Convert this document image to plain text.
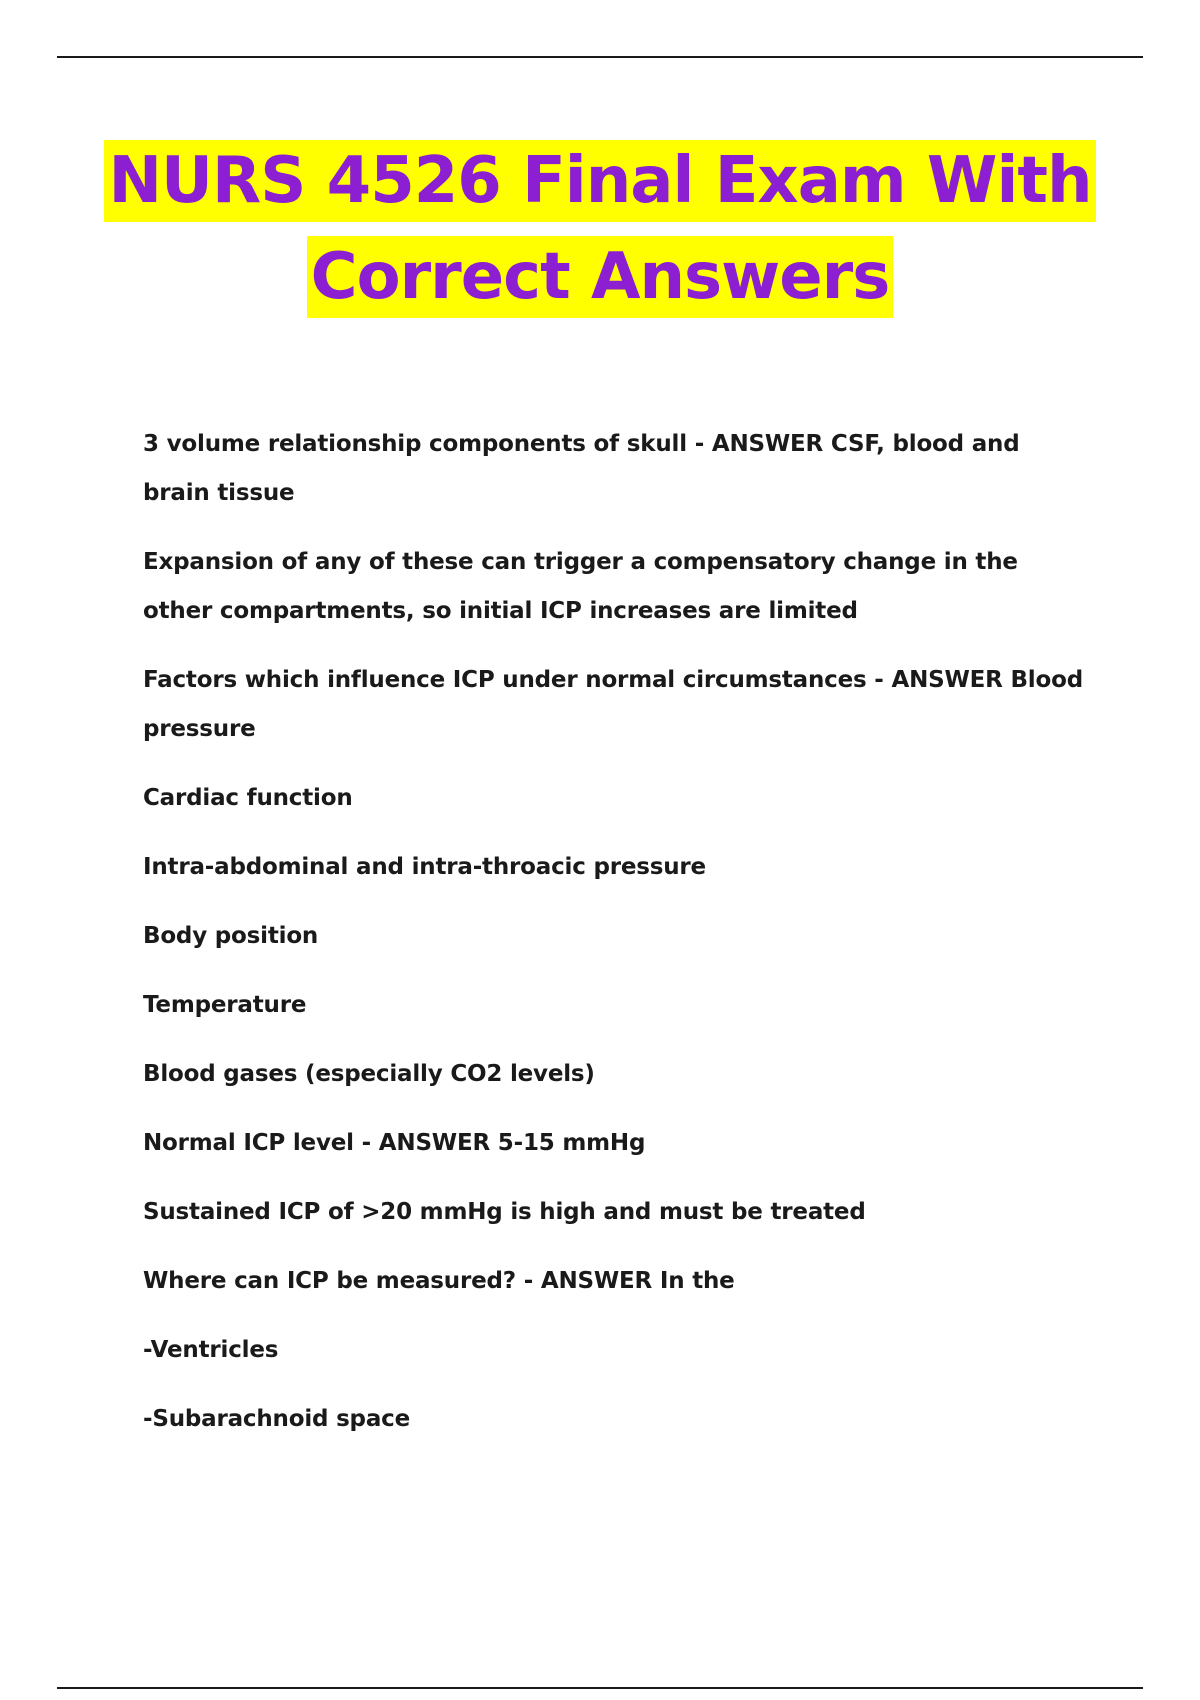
NURS 4526 Final Exam With
Correct Answers

3 volume relationship components of skull - ANSWER CSF, blood and brain tissue

Expansion of any of these can trigger a compensatory change in the other compartments, so initial ICP increases are limited

Factors which influence ICP under normal circumstances - ANSWER Blood pressure

Cardiac function

Intra-abdominal and intra-throacic pressure

Body position

Temperature

Blood gases (especially CO2 levels)

Normal ICP level - ANSWER 5-15 mmHg

Sustained ICP of >20 mmHg is high and must be treated

Where can ICP be measured? - ANSWER In the

-Ventricles

-Subarachnoid space
